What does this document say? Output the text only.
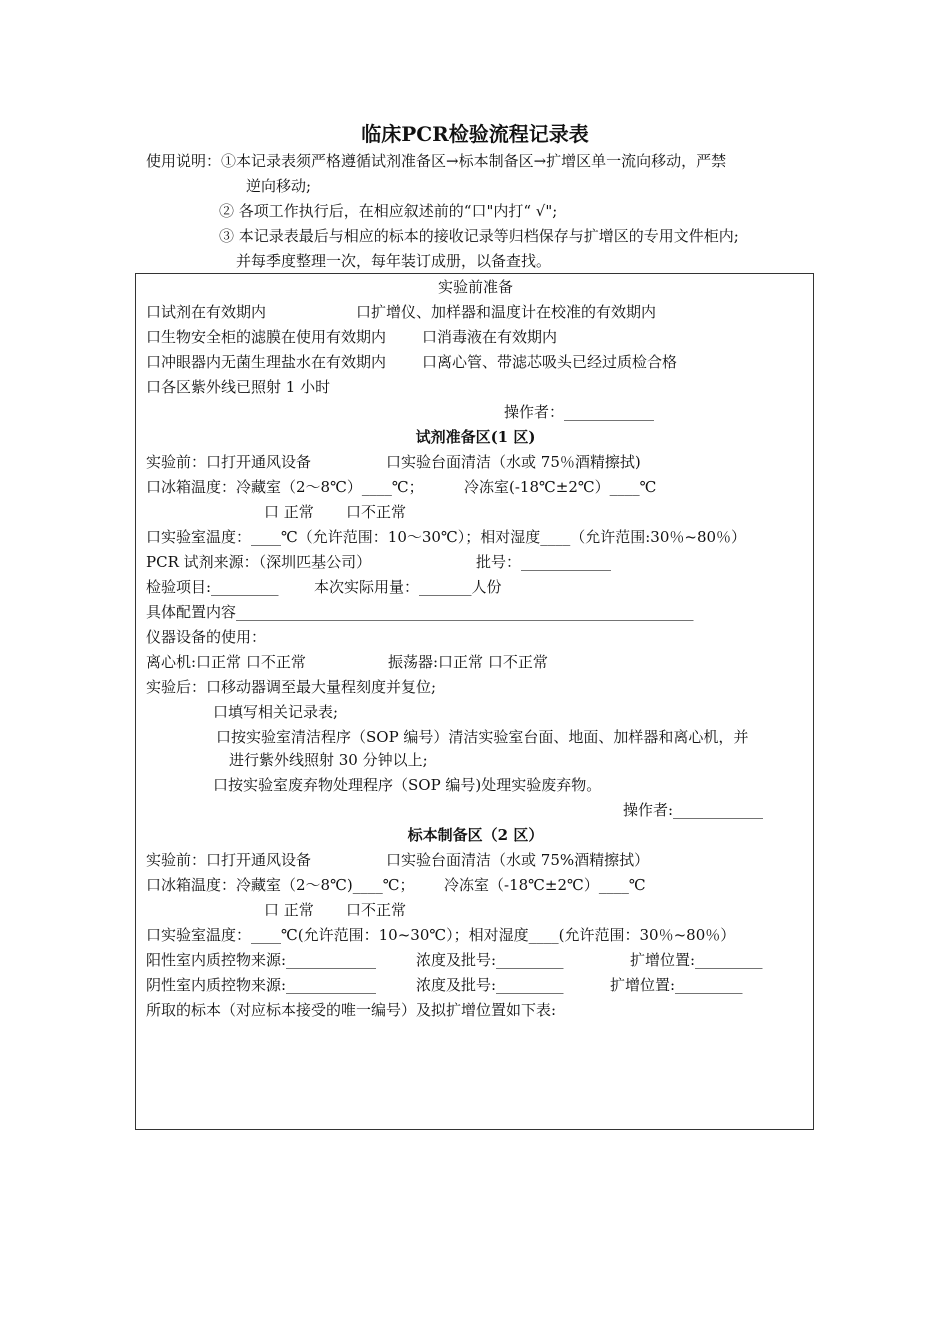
临床PCR检验流程记录表
使用说明：①本记录表须严格遵循试剂准备区→标本制备区→扩增区单一流向移动，严禁
逆向移动;
② 各项工作执行后，在相应叙述前的“口"内打“ √";
③ 本记录表最后与相应的标本的接收记录等归档保存与扩增区的专用文件柜内;
并每季度整理一次，每年装订成册，以备查找。
实验前准备
口试剂在有效期内	口扩增仪、加样器和温度计在校准的有效期内
口生物安全柜的滤膜在使用有效期内 口消毒液在有效期内
口冲眼器内无菌生理盐水在有效期内 口离心管、带滤芯吸头已经过质检合格
口各区紫外线已照射 1 小时
操作者：____________
试剂准备区(1 区)
实验前：口打开通风设备	口实验台面清洁（水或 75％酒精擦拭)
口冰箱温度：冷藏室（2～8℃）____℃；	冷冻室(-18℃±2℃）____℃
口 正常 口不正常
口实验室温度：____℃（允许范围：10～30℃）；相对湿度____（允许范围:30％~80％）
PCR 试剂来源：（深圳匹基公司）	批号：____________
检验项目:_________ 本次实际用量：_______人份
具体配置内容_____________________________________________________________
仪器设备的使用：
离心机:口正常 口不正常	振荡器:口正常 口不正常
实验后：口移动器调至最大量程刻度并复位;
口填写相关记录表;
口按实验室清洁程序（SOP 编号）清洁实验室台面、地面、加样器和离心机，并
进行紫外线照射 30 分钟以上;
口按实验室废弃物处理程序（SOP 编号)处理实验废弃物。
操作者:____________
标本制备区（2 区）
实验前：口打开通风设备	口实验台面清洁（水或 75%酒精擦拭）
口冰箱温度：冷藏室（2～8℃)____℃； 冷冻室（-18℃±2℃）____℃
口 正常 口不正常
口实验室温度：____℃(允许范围：10~30℃）；相对湿度____(允许范围：30％~80％）
阳性室内质控物来源:____________	浓度及批号:_________	扩增位置:_________
阴性室内质控物来源:____________	浓度及批号:_________	扩增位置:_________
所取的标本（对应标本接受的唯一编号）及拟扩增位置如下表:
